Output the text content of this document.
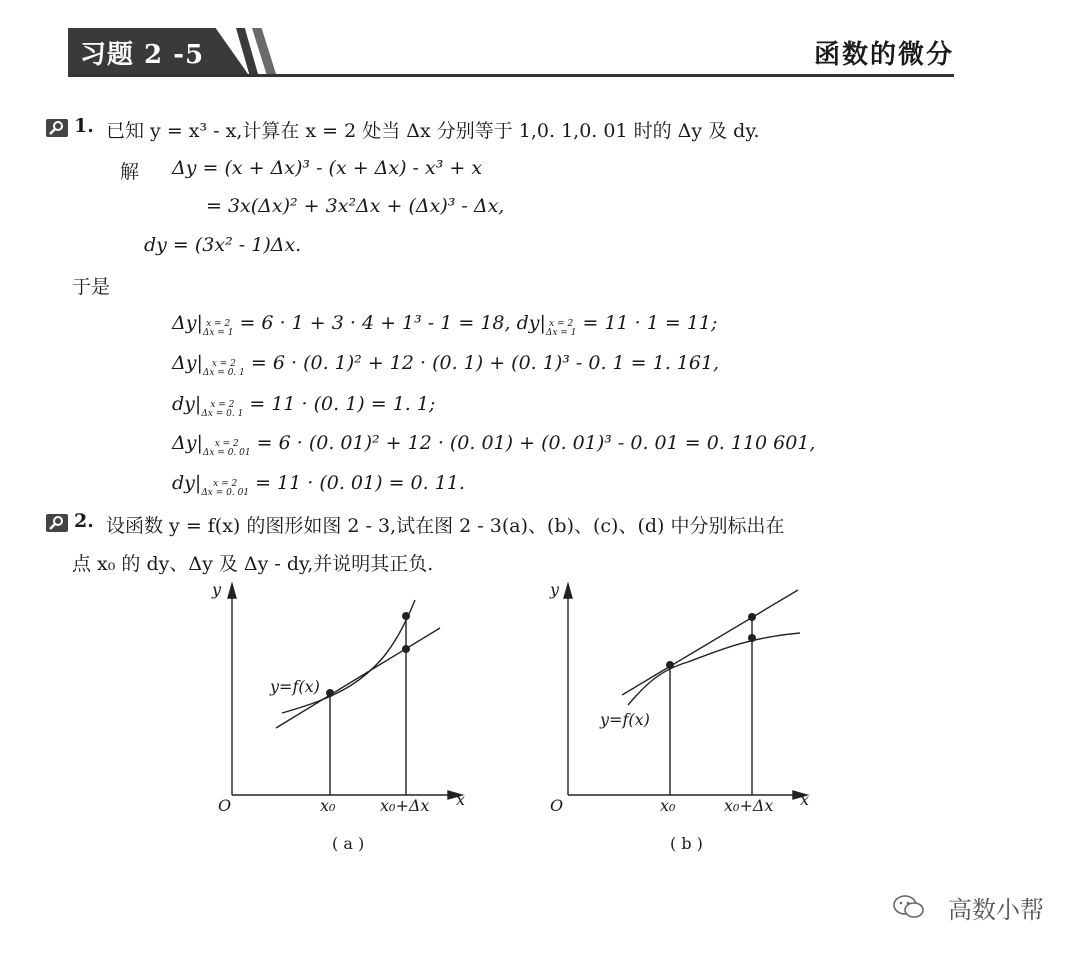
习题 2 -5	函数的微分
1. 已知 y = x³ - x,计算在 x = 2 处当 Δx 分别等于 1,0. 1,0. 01 时的 Δy 及 dy.
解 Δy = (x + Δx)³ - (x + Δx) - x³ + x
= 3x(Δx)² + 3x²Δx + (Δx)³ - Δx,
dy = (3x² - 1)Δx.
于是
Δy| x = 2
Δx = 1 = 6 · 1 + 3 · 4 + 1³ - 1 = 18, dy| x = 2
Δx = 1 = 11 · 1 = 11;
Δy| x = 2
Δx = 0. 1 = 6 · (0. 1)² + 12 · (0. 1) + (0. 1)³ - 0. 1 = 1. 161,
dy| x = 2
Δx = 0. 1 = 11 · (0. 1) = 1. 1;
Δy| x = 2
Δx = 0. 01 = 6 · (0. 01)² + 12 · (0. 01) + (0. 01)³ - 0. 01 = 0. 110 601,
dy| x = 2
Δx = 0. 01 = 11 · (0. 01) = 0. 11.
2. 设函数 y = f(x) 的图形如图 2 - 3,试在图 2 - 3(a)、(b)、(c)、(d) 中分别标出在
点 x₀ 的 dy、Δy 及 Δy - dy,并说明其正负.
y
x
O
y=f(x)
x₀	x₀+Δx
( a )
y
x
O
y=f(x)
x₀	x₀+Δx
( b )
高数小帮
